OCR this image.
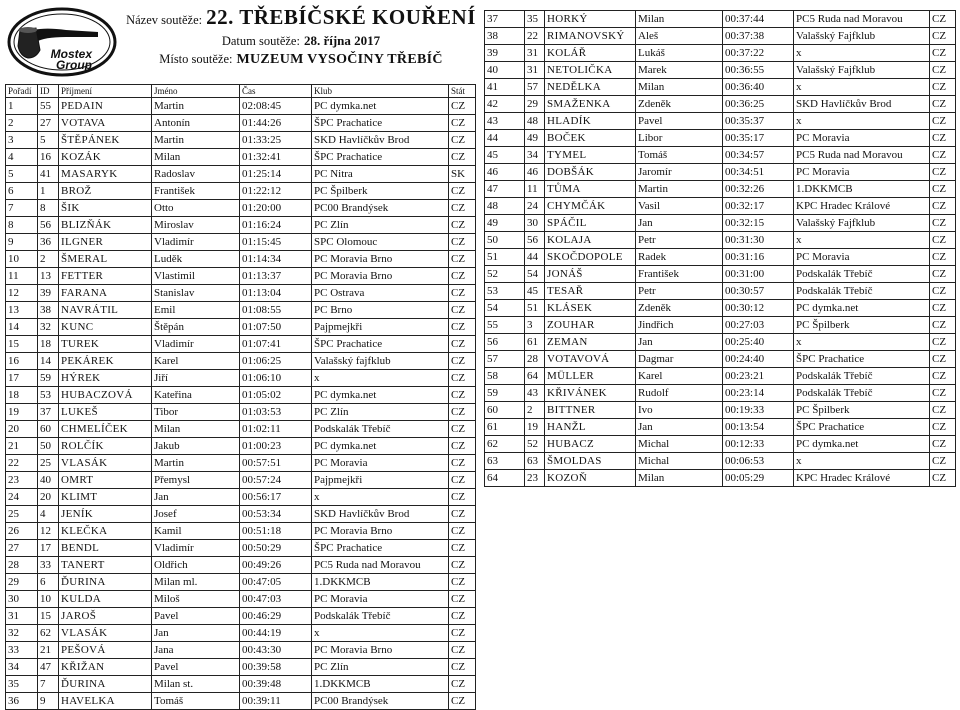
Mostex
Group
Název soutěže: 22. TŘEBÍČSKÉ KOUŘENÍ
Datum soutěže: 28. října 2017
Místo soutěže: MUZEUM VYSOČINY TŘEBÍČ
Pořadí	ID	Příjmení	Jméno	Čas	Klub	Stát
1	55	PEDAIN	Martin	02:08:45	PC dymka.net	CZ
2	27	VOTAVA	Antonín	01:44:26	ŠPC Prachatice	CZ
3	5	ŠTĚPÁNEK	Martin	01:33:25	SKD Havlíčkův Brod	CZ
4	16	KOZÁK	Milan	01:32:41	ŠPC Prachatice	CZ
5	41	MASARYK	Radoslav	01:25:14	PC Nitra	SK
6	1	BROŽ	František	01:22:12	PC Špilberk	CZ
7	8	ŠIK	Otto	01:20:00	PC00 Brandýsek	CZ
8	56	BLIZŇÁK	Miroslav	01:16:24	PC Zlín	CZ
9	36	ILGNER	Vladimír	01:15:45	SPC Olomouc	CZ
10	2	ŠMERAL	Luděk	01:14:34	PC Moravia Brno	CZ
11	13	FETTER	Vlastimil	01:13:37	PC Moravia Brno	CZ
12	39	FARANA	Stanislav	01:13:04	PC Ostrava	CZ
13	38	NAVRÁTIL	Emil	01:08:55	PC Brno	CZ
14	32	KUNC	Štěpán	01:07:50	Pajpmejkři	CZ
15	18	TUREK	Vladimír	01:07:41	ŠPC Prachatice	CZ
16	14	PEKÁREK	Karel	01:06:25	Valašský fajfklub	CZ
17	59	HÝREK	Jiří	01:06:10	x	CZ
18	53	HUBACZOVÁ	Kateřina	01:05:02	PC dymka.net	CZ
19	37	LUKEŠ	Tibor	01:03:53	PC Zlín	CZ
20	60	CHMELÍČEK	Milan	01:02:11	Podskalák Třebíč	CZ
21	50	ROLČÍK	Jakub	01:00:23	PC dymka.net	CZ
22	25	VLASÁK	Martin	00:57:51	PC Moravia	CZ
23	40	OMRT	Přemysl	00:57:24	Pajpmejkři	CZ
24	20	KLIMT	Jan	00:56:17	x	CZ
25	4	JENÍK	Josef	00:53:34	SKD Havlíčkův Brod	CZ
26	12	KLEČKA	Kamil	00:51:18	PC Moravia Brno	CZ
27	17	BENDL	Vladimír	00:50:29	ŠPC Prachatice	CZ
28	33	TANERT	Oldřich	00:49:26	PC5 Ruda nad Moravou	CZ
29	6	ĎURINA	Milan ml.	00:47:05	1.DKKMCB	CZ
30	10	KULDA	Miloš	00:47:03	PC Moravia	CZ
31	15	JAROŠ	Pavel	00:46:29	Podskalák Třebíč	CZ
32	62	VLASÁK	Jan	00:44:19	x	CZ
33	21	PEŠOVÁ	Jana	00:43:30	PC Moravia Brno	CZ
34	47	KŘIŽAN	Pavel	00:39:58	PC Zlín	CZ
35	7	ĎURINA	Milan st.	00:39:48	1.DKKMCB	CZ
36	9	HAVELKA	Tomáš	00:39:11	PC00 Brandýsek	CZ
37	35	HORKÝ	Milan	00:37:44	PC5 Ruda nad Moravou	CZ
38	22	RIMANOVSKÝ	Aleš	00:37:38	Valašský Fajfklub	CZ
39	31	KOLÁŘ	Lukáš	00:37:22	x	CZ
40	31	NETOLIČKA	Marek	00:36:55	Valašský Fajfklub	CZ
41	57	NEDĚLKA	Milan	00:36:40	x	CZ
42	29	SMAŽENKA	Zdeněk	00:36:25	SKD Havlíčkův Brod	CZ
43	48	HLADÍK	Pavel	00:35:37	x	CZ
44	49	BOČEK	Libor	00:35:17	PC Moravia	CZ
45	34	TYMEL	Tomáš	00:34:57	PC5 Ruda nad Moravou	CZ
46	46	DOBŠÁK	Jaromír	00:34:51	PC Moravia	CZ
47	11	TŮMA	Martin	00:32:26	1.DKKMCB	CZ
48	24	CHYMČÁK	Vasil	00:32:17	KPC Hradec Králové	CZ
49	30	SPÁČIL	Jan	00:32:15	Valašský Fajfklub	CZ
50	56	KOLAJA	Petr	00:31:30	x	CZ
51	44	SKOČDOPOLE	Radek	00:31:16	PC Moravia	CZ
52	54	JONÁŠ	František	00:31:00	Podskalák Třebíč	CZ
53	45	TESAŘ	Petr	00:30:57	Podskalák Třebíč	CZ
54	51	KLÁSEK	Zdeněk	00:30:12	PC dymka.net	CZ
55	3	ZOUHAR	Jindřich	00:27:03	PC Špilberk	CZ
56	61	ZEMAN	Jan	00:25:40	x	CZ
57	28	VOTAVOVÁ	Dagmar	00:24:40	ŠPC Prachatice	CZ
58	64	MÜLLER	Karel	00:23:21	Podskalák Třebíč	CZ
59	43	KŘIVÁNEK	Rudolf	00:23:14	Podskalák Třebíč	CZ
60	2	BITTNER	Ivo	00:19:33	PC Špilberk	CZ
61	19	HANŽL	Jan	00:13:54	ŠPC Prachatice	CZ
62	52	HUBACZ	Michal	00:12:33	PC dymka.net	CZ
63	63	ŠMOLDAS	Michal	00:06:53	x	CZ
64	23	KOZOŇ	Milan	00:05:29	KPC Hradec Králové	CZ
